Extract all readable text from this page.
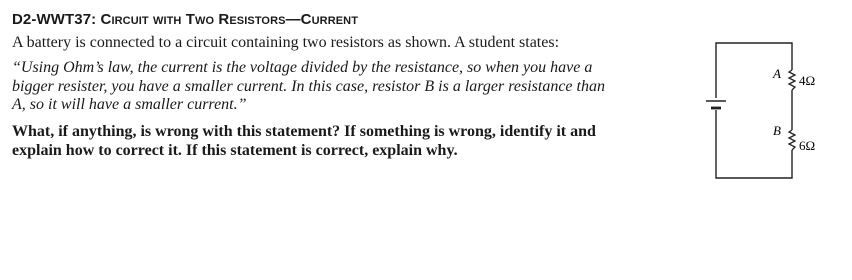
D2-WWT37: Circuit with Two Resistors—Current
A battery is connected to a circuit containing two resistors as shown. A student states:
“Using Ohm’s law, the current is the voltage divided by the resistance, so when you have a
bigger resister, you have a smaller current. In this case, resistor B is a larger resistance than
A, so it will have a smaller current.”
What, if anything, is wrong with this statement? If something is wrong, identify it and
explain how to correct it. If this statement is correct, explain why.
A 4Ω
B
6Ω
